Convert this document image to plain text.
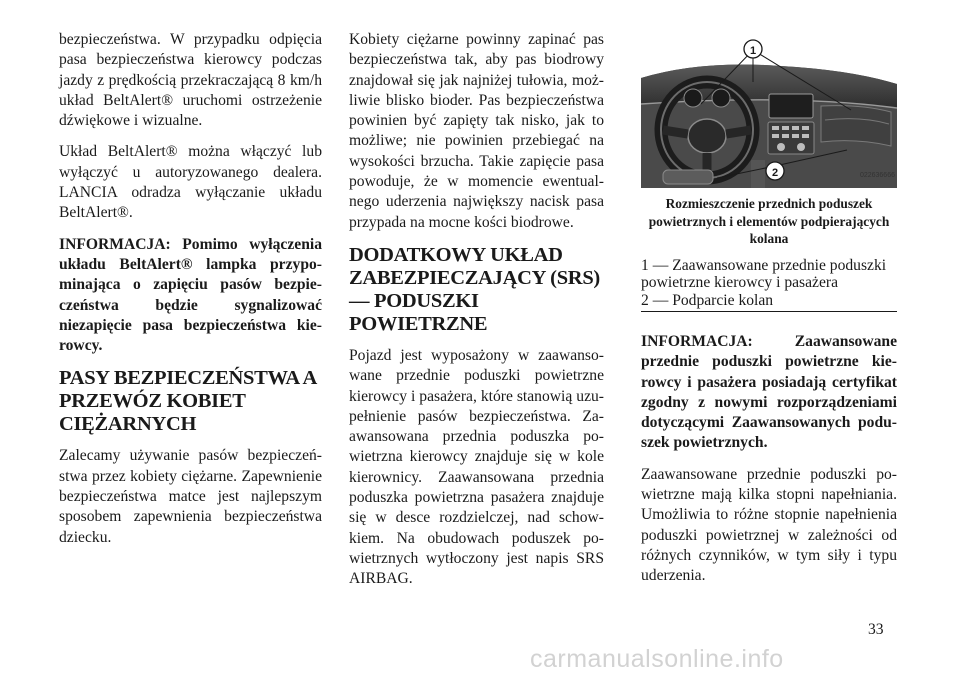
bezpieczeństwa. W przypadku odpięcia pasa bezpieczeństwa kierowcy podczas jazdy z prędkością przekraczającą 8 km/h układ BeltAlert® uruchomi ostrzeżenie dźwiękowe i wizualne.

Układ BeltAlert® można włączyć lub wyłączyć u autoryzowanego dealera. LANCIA odradza wyłączanie układu BeltAlert®.

INFORMACJA: Pomimo wyłączenia układu BeltAlert® lampka przypominająca o zapięciu pasów bezpieczeństwa będzie sygnalizować niezapięcie pasa bezpieczeństwa kierowcy.

PASY BEZPIECZEŃSTWA A PRZEWÓZ KOBIET CIĘŻARNYCH

Zalecamy używanie pasów bezpieczeństwa przez kobiety ciężarne. Zapewnienie bezpieczeństwa matce jest najlepszym sposobem zapewnienia bezpieczeństwa dziecku.

Kobiety ciężarne powinny zapinać pas bezpieczeństwa tak, aby pas biodrowy znajdował się jak najniżej tułowia, możliwie blisko bioder. Pas bezpieczeństwa powinien być zapięty tak nisko, jak to możliwe; nie powinien przebiegać na wysokości brzucha. Takie zapięcie pasa powoduje, że w momencie ewentualnego uderzenia największy nacisk pasa przypada na mocne kości biodrowe.

DODATKOWY UKŁAD ZABEZPIECZAJĄCY (SRS) — PODUSZKI POWIETRZNE

Pojazd jest wyposażony w zaawansowane przednie poduszki powietrzne kierowcy i pasażera, które stanowią uzupełnienie pasów bezpieczeństwa. Zaawansowana przednia poduszka powietrzna kierowcy znajduje się w kole kierownicy. Zaawansowana przednia poduszka powietrzna pasażera znajduje się w desce rozdzielczej, nad schowkiem. Na obudowach poduszek powietrznych wytłoczony jest napis SRS AIRBAG.

1
2	022636666
Rozmieszczenie przednich poduszek powietrznych i elementów podpierających kolana
1 — Zaawansowane przednie poduszki powietrzne kierowcy i pasażera
2 — Podparcie kolan

INFORMACJA: Zaawansowane przednie poduszki powietrzne kierowcy i pasażera posiadają certyfikat zgodny z nowymi rozporządzeniami dotyczącymi Zaawansowanych poduszek powietrznych.

Zaawansowane przednie poduszki powietrzne mają kilka stopni napełniania. Umożliwia to różne stopnie napełnienia poduszki powietrznej w zależności od różnych czynników, w tym siły i typu uderzenia.

33
carmanualsonline.info
